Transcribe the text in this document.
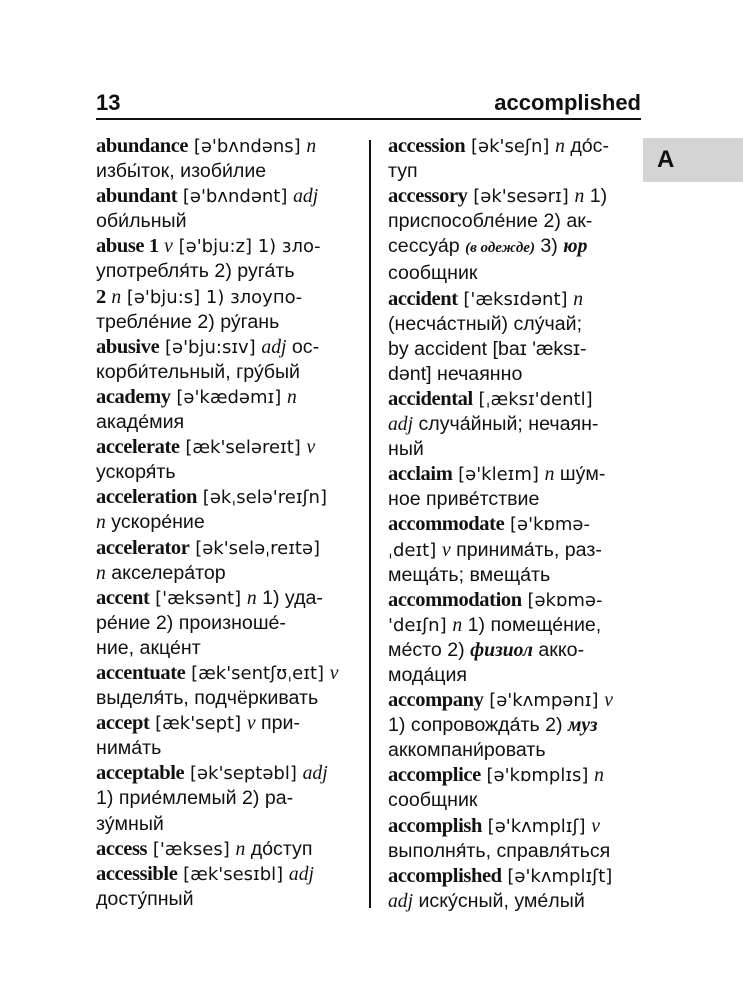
13	accomplished
A
abundance [ə'bʌndəns] n
избы́ток, изоби́лие
abundant [ə'bʌndənt] adj
оби́льный
abuse 1 v [ə'bju:z] 1) зло-
употребля́ть 2) руга́ть
2 n [ə'bju:s] 1) злоупо-
требле́ние 2) ру́гань
abusive [ə'bju:sɪv] adj ос-
корби́тельный, гру́бый
academy [ə'kædəmɪ] n
акаде́мия
accelerate [æk'seləreɪt] v
ускоря́ть
acceleration [əkˌselə'reɪʃn]
n ускоре́ние
accelerator [ək'seləˌreɪtə]
n акселера́тор
accent ['æksənt] n 1) уда-
ре́ние 2) произноше́-
ние, акце́нт
accentuate [æk'sentʃʊˌeɪt] v
выделя́ть, подчёркивать
accept [æk'sept] v при-
нима́ть
acceptable [ək'septəbl] adj
1) прие́млемый 2) ра-
зу́мный
access ['ækses] n до́ступ
accessible [æk'sesɪbl] adj
досту́пный
accession [ək'seʃn] n до́с-
туп
accessory [ək'sesərɪ] n 1)
приспособле́ние 2) ак-
сессуа́р (в одежде) 3) юр
сообщник
accident ['æksɪdənt] n
(несча́стный) слу́чай;
by accident [baɪ 'æksɪ-
dənt] нечаянно
accidental [ˌæksɪ'dentl]
adj случа́йный; нечаян-
ный
acclaim [ə'kleɪm] n шу́м-
ное приве́тствие
accommodate [ə'kɒmə-
ˌdeɪt] v принима́ть, раз-
меща́ть; вмеща́ть
accommodation [əkɒmə-
'deɪʃn] n 1) помеще́ние,
ме́сто 2) физиол акко-
мода́ция
accompany [ə'kʌmpənɪ] v
1) сопровожда́ть 2) муз
аккомпани́ровать
accomplice [ə'kɒmplɪs] n
сообщник
accomplish [ə'kʌmplɪʃ] v
выполня́ть, справля́ться
accomplished [ə'kʌmplɪʃt]
adj иску́сный, уме́лый
